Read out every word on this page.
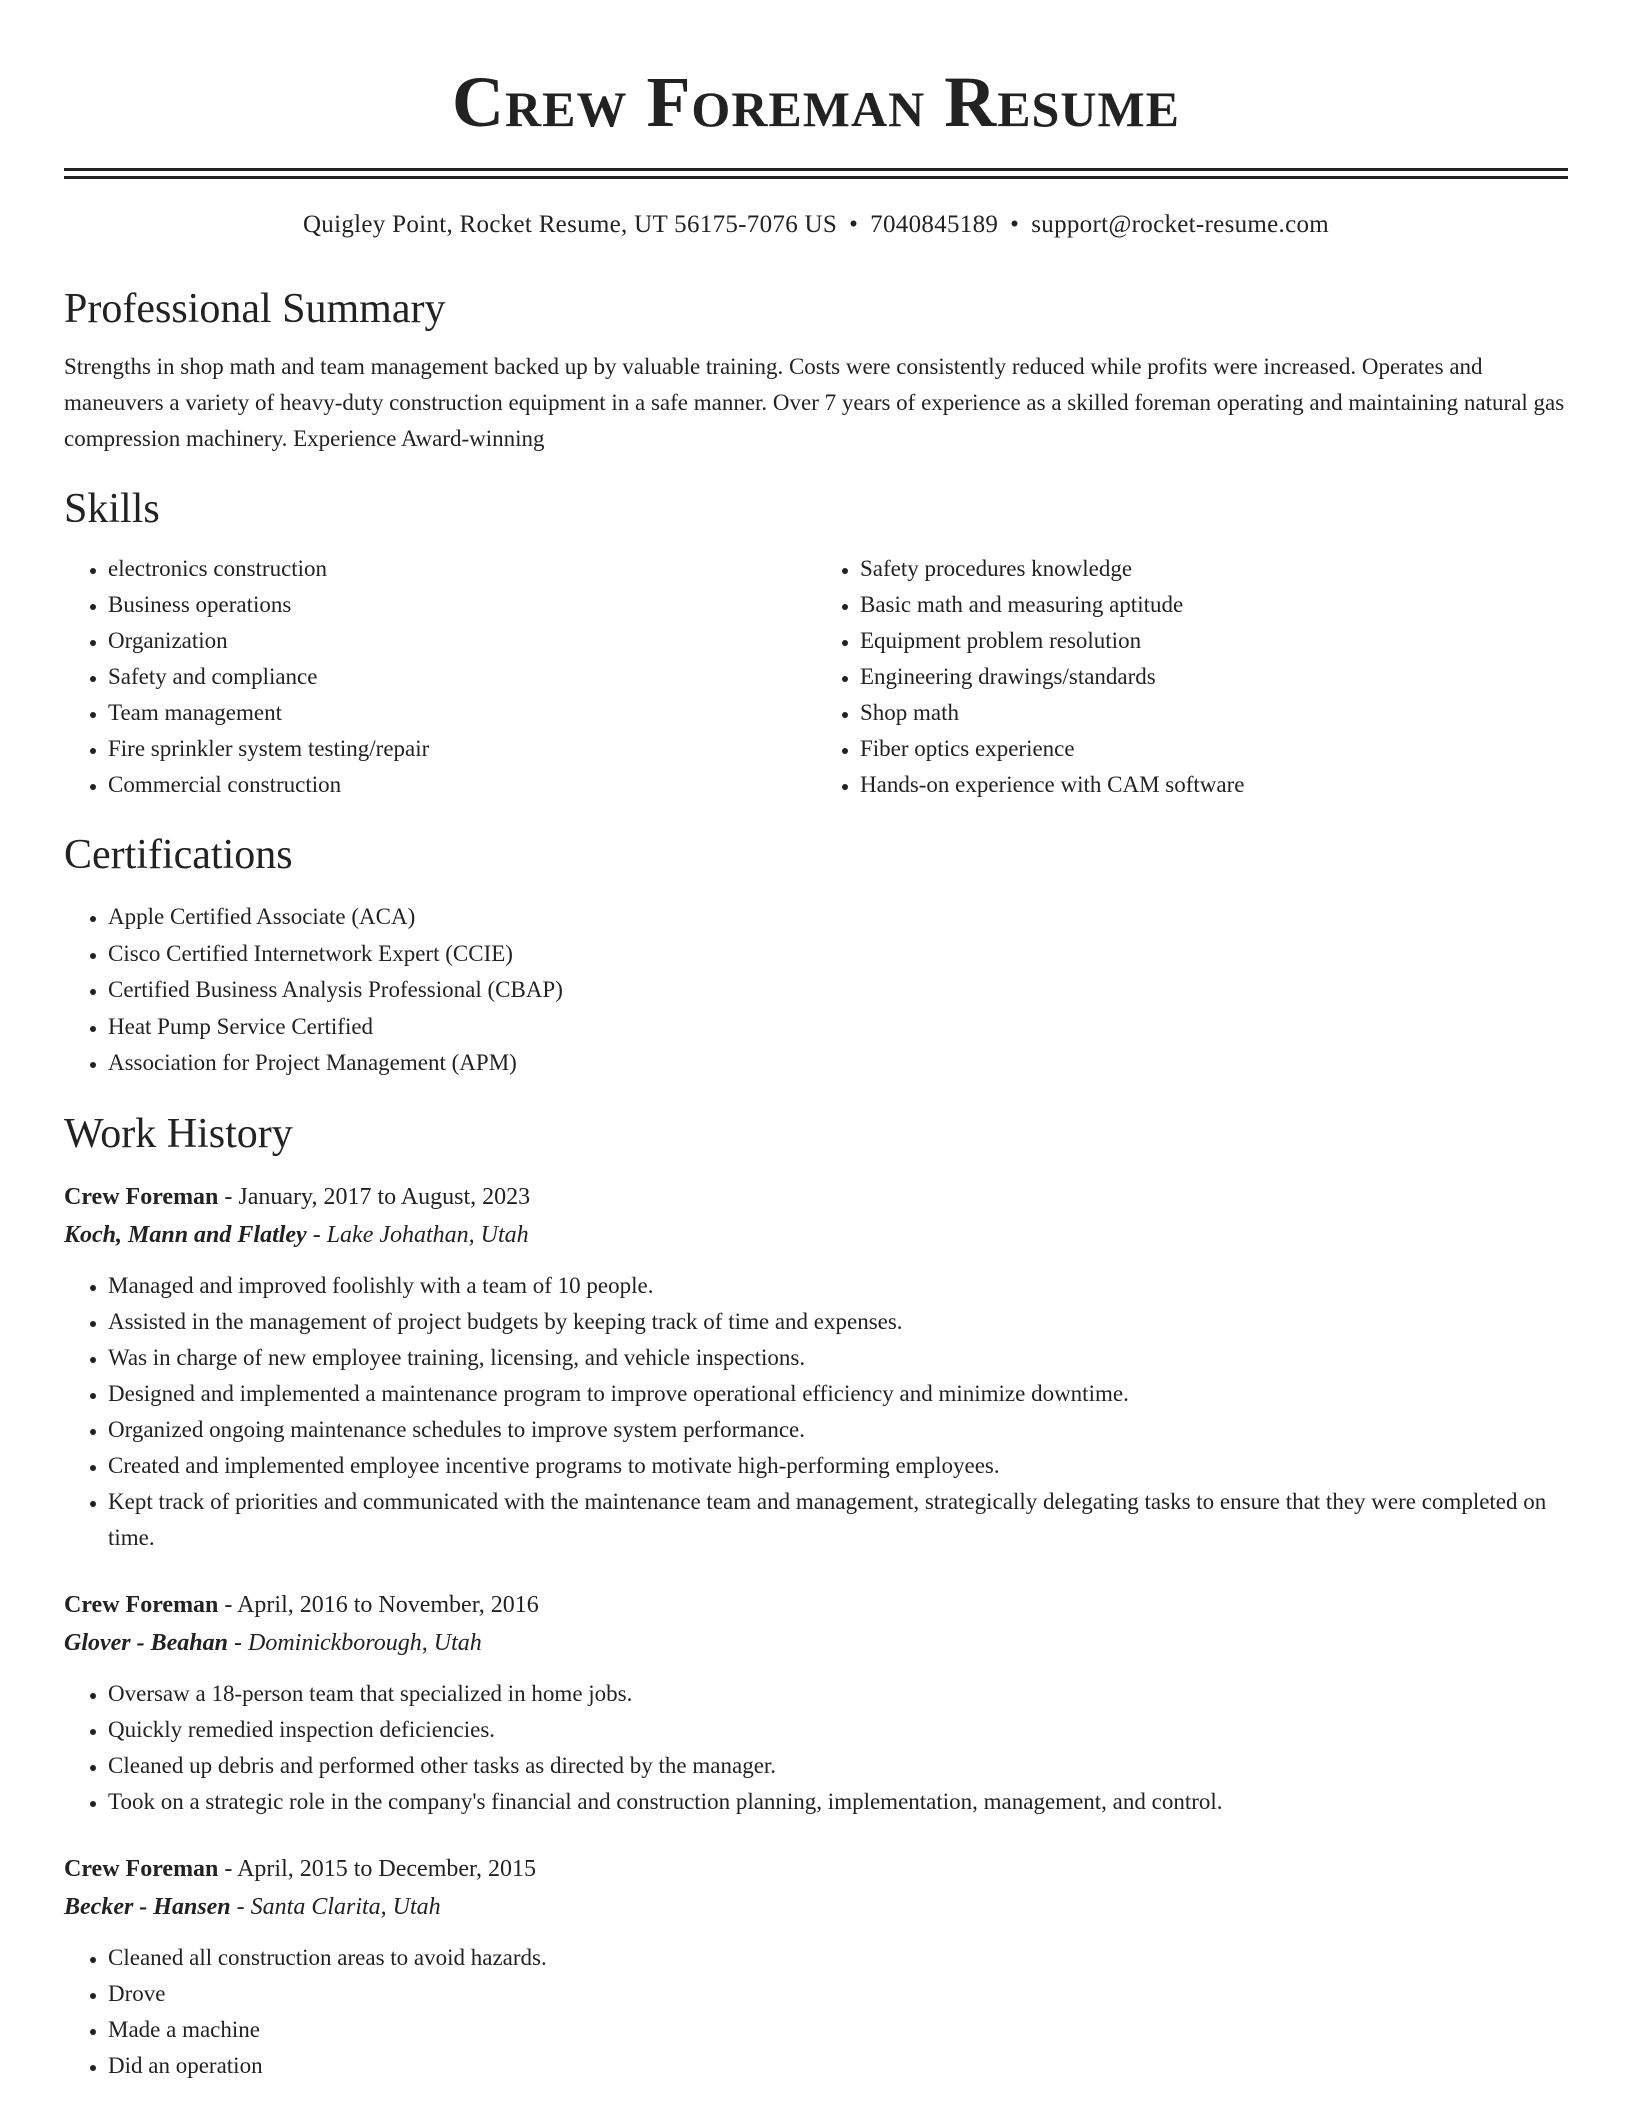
Crew Foreman Resume
Quigley Point, Rocket Resume, UT 56175-7076 US • 7040845189 • support@rocket-resume.com
Professional Summary

Strengths in shop math and team management backed up by valuable training. Costs were consistently reduced while profits were increased. Operates and maneuvers a variety of heavy-duty construction equipment in a safe manner. Over 7 years of experience as a skilled foreman operating and maintaining natural gas compression machinery. Experience Award-winning

Skills
• electronics construction
• Business operations
• Organization
• Safety and compliance
• Team management
• Fire sprinkler system testing/repair
• Commercial construction
• Safety procedures knowledge
• Basic math and measuring aptitude
• Equipment problem resolution
• Engineering drawings/standards
• Shop math
• Fiber optics experience
• Hands-on experience with CAM software
Certifications
• Apple Certified Associate (ACA)
• Cisco Certified Internetwork Expert (CCIE)
• Certified Business Analysis Professional (CBAP)
• Heat Pump Service Certified
• Association for Project Management (APM)
Work History
Crew Foreman - January, 2017 to August, 2023
Koch, Mann and Flatley - Lake Johathan, Utah
• Managed and improved foolishly with a team of 10 people.
• Assisted in the management of project budgets by keeping track of time and expenses.
• Was in charge of new employee training, licensing, and vehicle inspections.
• Designed and implemented a maintenance program to improve operational efficiency and minimize downtime.
• Organized ongoing maintenance schedules to improve system performance.
• Created and implemented employee incentive programs to motivate high-performing employees.
• Kept track of priorities and communicated with the maintenance team and management, strategically delegating tasks to ensure that they were completed on time.
Crew Foreman - April, 2016 to November, 2016
Glover - Beahan - Dominickborough, Utah
• Oversaw a 18-person team that specialized in home jobs.
• Quickly remedied inspection deficiencies.
• Cleaned up debris and performed other tasks as directed by the manager.
• Took on a strategic role in the company's financial and construction planning, implementation, management, and control.
Crew Foreman - April, 2015 to December, 2015
Becker - Hansen - Santa Clarita, Utah
• Cleaned all construction areas to avoid hazards.
• Drove
• Made a machine
• Did an operation
